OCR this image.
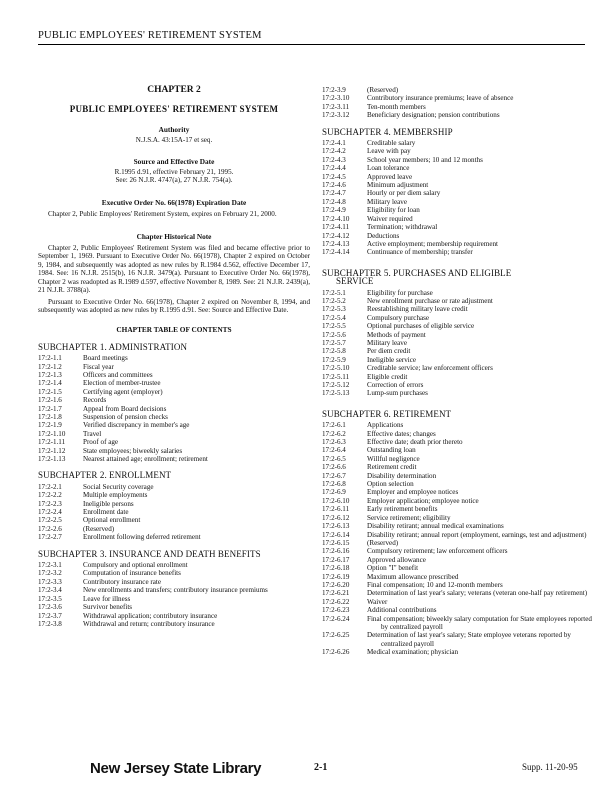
PUBLIC EMPLOYEES' RETIREMENT SYSTEM
CHAPTER 2
PUBLIC EMPLOYEES' RETIREMENT SYSTEM
Authority
N.J.S.A. 43:15A-17 et seq.
Source and Effective Date
R.1995 d.91, effective February 21, 1995.
See: 26 N.J.R. 4747(a), 27 N.J.R. 754(a).
Executive Order No. 66(1978) Expiration Date
Chapter 2, Public Employees' Retirement System, expires on February 21, 2000.
Chapter Historical Note
Chapter 2, Public Employees' Retirement System was filed and became effective prior to September 1, 1969. Pursuant to Executive Order No. 66(1978), Chapter 2 expired on October 9, 1984, and subsequently was adopted as new rules by R.1984 d.562, effective December 17, 1984. See: 16 N.J.R. 2515(b), 16 N.J.R. 3479(a). Pursuant to Executive Order No. 66(1978), Chapter 2 was readopted as R.1989 d.597, effective November 8, 1989. See: 21 N.J.R. 2439(a), 21 N.J.R. 3788(a).
Pursuant to Executive Order No. 66(1978), Chapter 2 expired on November 8, 1994, and subsequently was adopted as new rules by R.1995 d.91. See: Source and Effective Date.
CHAPTER TABLE OF CONTENTS
SUBCHAPTER 1. ADMINISTRATION
17:2-1.1	Board meetings
17:2-1.2	Fiscal year
17:2-1.3	Officers and committees
17:2-1.4	Election of member-trustee
17:2-1.5	Certifying agent (employer)
17:2-1.6	Records
17:2-1.7	Appeal from Board decisions
17:2-1.8	Suspension of pension checks
17:2-1.9	Verified discrepancy in member's age
17:2-1.10	Travel
17:2-1.11	Proof of age
17:2-1.12	State employees; biweekly salaries
17:2-1.13	Nearest attained age; enrollment; retirement
SUBCHAPTER 2. ENROLLMENT
17:2-2.1	Social Security coverage
17:2-2.2	Multiple employments
17:2-2.3	Ineligible persons
17:2-2.4	Enrollment date
17:2-2.5	Optional enrollment
17:2-2.6	(Reserved)
17:2-2.7	Enrollment following deferred retirement
SUBCHAPTER 3. INSURANCE AND DEATH BENEFITS
17:2-3.1	Compulsory and optional enrollment
17:2-3.2	Computation of insurance benefits
17:2-3.3	Contributory insurance rate
17:2-3.4	New enrollments and transfers; contributory insurance premiums
17:2-3.5	Leave for illness
17:2-3.6	Survivor benefits
17:2-3.7	Withdrawal application; contributory insurance
17:2-3.8	Withdrawal and return; contributory insurance
17:2-3.9	(Reserved)
17:2-3.10	Contributory insurance premiums; leave of absence
17:2-3.11	Ten-month members
17:2-3.12	Beneficiary designation; pension contributions
SUBCHAPTER 4. MEMBERSHIP
17:2-4.1	Creditable salary
17:2-4.2	Leave with pay
17:2-4.3	School year members; 10 and 12 months
17:2-4.4	Loan tolerance
17:2-4.5	Approved leave
17:2-4.6	Minimum adjustment
17:2-4.7	Hourly or per diem salary
17:2-4.8	Military leave
17:2-4.9	Eligibility for loan
17:2-4.10	Waiver required
17:2-4.11	Termination; withdrawal
17:2-4.12	Deductions
17:2-4.13	Active employment; membership requirement
17:2-4.14	Continuance of membership; transfer
SUBCHAPTER 5. PURCHASES AND ELIGIBLE
SERVICE
17:2-5.1	Eligibility for purchase
17:2-5.2	New enrollment purchase or rate adjustment
17:2-5.3	Reestablishing military leave credit
17:2-5.4	Compulsory purchase
17:2-5.5	Optional purchases of eligible service
17:2-5.6	Methods of payment
17:2-5.7	Military leave
17:2-5.8	Per diem credit
17:2-5.9	Ineligible service
17:2-5.10	Creditable service; law enforcement officers
17:2-5.11	Eligible credit
17:2-5.12	Correction of errors
17:2-5.13	Lump-sum purchases
SUBCHAPTER 6. RETIREMENT
17:2-6.1	Applications
17:2-6.2	Effective dates; changes
17:2-6.3	Effective date; death prior thereto
17:2-6.4	Outstanding loan
17:2-6.5	Willful negligence
17:2-6.6	Retirement credit
17:2-6.7	Disability determination
17:2-6.8	Option selection
17:2-6.9	Employer and employee notices
17:2-6.10	Employer application; employee notice
17:2-6.11	Early retirement benefits
17:2-6.12	Service retirement; eligibility
17:2-6.13	Disability retirant; annual medical examinations
17:2-6.14	Disability retirant; annual report (employment, earnings, test and adjustment)
17:2-6.15	(Reserved)
17:2-6.16	Compulsory retirement; law enforcement officers
17:2-6.17	Approved allowance
17:2-6.18	Option "I" benefit
17:2-6.19	Maximum allowance prescribed
17:2-6.20	Final compensation; 10 and 12-month members
17:2-6.21	Determination of last year's salary; veterans (veteran one-half pay retirement)
17:2-6.22	Waiver
17:2-6.23	Additional contributions
17:2-6.24	Final compensation; biweekly salary computation for State employees reported by centralized payroll
17:2-6.25	Determination of last year's salary; State employee veterans reported by centralized payroll
17:2-6.26	Medical examination; physician
New Jersey State Library	2-1	Supp. 11-20-95
